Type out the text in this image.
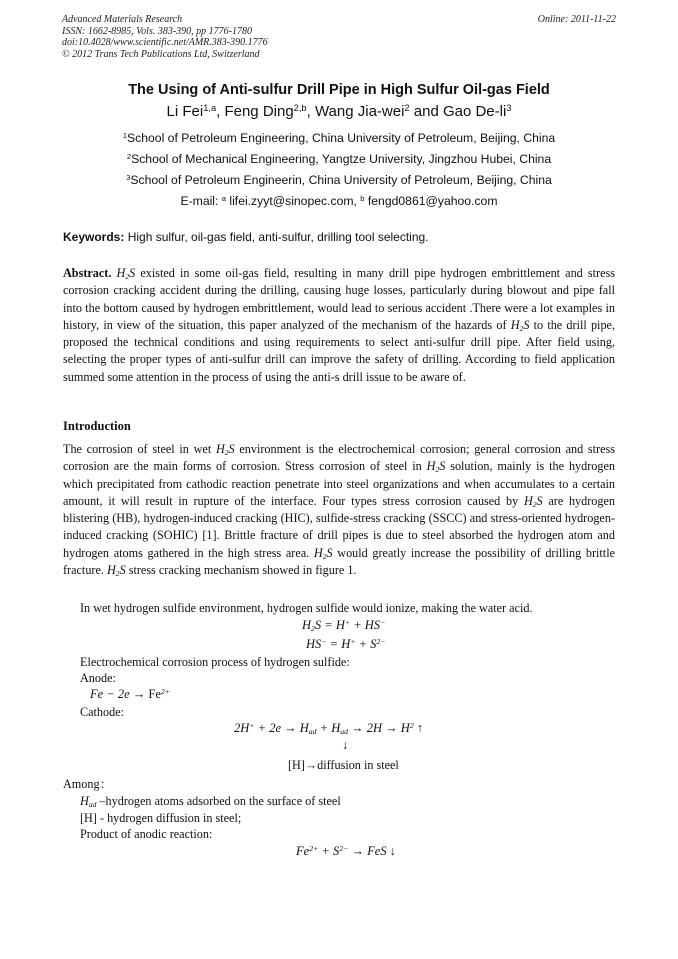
Advanced Materials Research
ISSN: 1662-8985, Vols. 383-390, pp 1776-1780
doi:10.4028/www.scientific.net/AMR.383-390.1776
© 2012 Trans Tech Publications Ltd, Switzerland
Online: 2011-11-22
The Using of Anti-sulfur Drill Pipe in High Sulfur Oil-gas Field
Li Fei$^{1,a}$, Feng Ding$^{2,b}$, Wang Jia-wei$^2$ and Gao $De-li^3$
$^1$School of Petroleum Engineering, China University of Petroleum, Beijing, China
$^2$School of Mechanical Engineering, Yangtze University, Jingzhou Hubei, China
$^3$School of Petroleum Engineerin, China University of Petroleum, Beijing, China
E-mail: $^a$ lifei.zyyt@sinopec.com, $^b$ fengd0861@yahoo.com
Keywords: High sulfur, oil-gas field, anti-sulfur, drilling tool selecting.
Abstract. $H_2S$ existed in some oil-gas field, resulting in many drill pipe hydrogen embrittlement and stress corrosion cracking accident during the drilling, causing huge losses, particularly during blowout and pipe fall into the bottom caused by hydrogen embrittlement, would lead to serious accident .There were a lot examples in history, in view of the situation, this paper analyzed of the mechanism of the hazards of $H_2S$ to the drill pipe, proposed the technical conditions and using requirements to select anti-sulfur drill pipe. After field using, selecting the proper types of anti-sulfur drill can improve the safety of drilling. According to field application summed some attention in the process of using the anti-s drill issue to be aware of.
Introduction
The corrosion of steel in wet $H_2S$ environment is the electrochemical corrosion; general corrosion and stress corrosion are the main forms of corrosion. Stress corrosion of steel in $H_2S$ solution, mainly is the hydrogen which precipitated from cathodic reaction penetrate into steel organizations and when accumulates to a certain amount, it will result in rupture of the interface. Four types stress corrosion caused by $H_2S$ are hydrogen blistering (HB), hydrogen-induced cracking (HIC), sulfide-stress cracking (SSCC) and stress-oriented hydrogen-induced cracking (SOHIC) [1]. Brittle fracture of drill pipes is due to steel absorbed the hydrogen atom and hydrogen atoms gathered in the high stress area. $H_2S$ would greatly increase the possibility of drilling brittle fracture. $H_2S$ stress cracking mechanism showed in figure 1.
In wet hydrogen sulfide environment, hydrogen sulfide would ionize, making the water acid.
$H_2S = H^+ + HS^-$
$HS^- = H^+ + S^{2-}$
Electrochemical corrosion process of hydrogen sulfide:
Anode:
$Fe - 2e \to Fe^{2+}$
Cathode:
$2H^+ + 2e \to H_{ad} + H_{ad} \to 2H \to H^2$ ↑
↓
[H]→diffusion in steel
Among：
$H_{ad}$ –hydrogen atoms adsorbed on the surface of steel
[H] - hydrogen diffusion in steel;
Product of anodic reaction:
$Fe^{2+} + S^{2-}$ → FeS ↓
